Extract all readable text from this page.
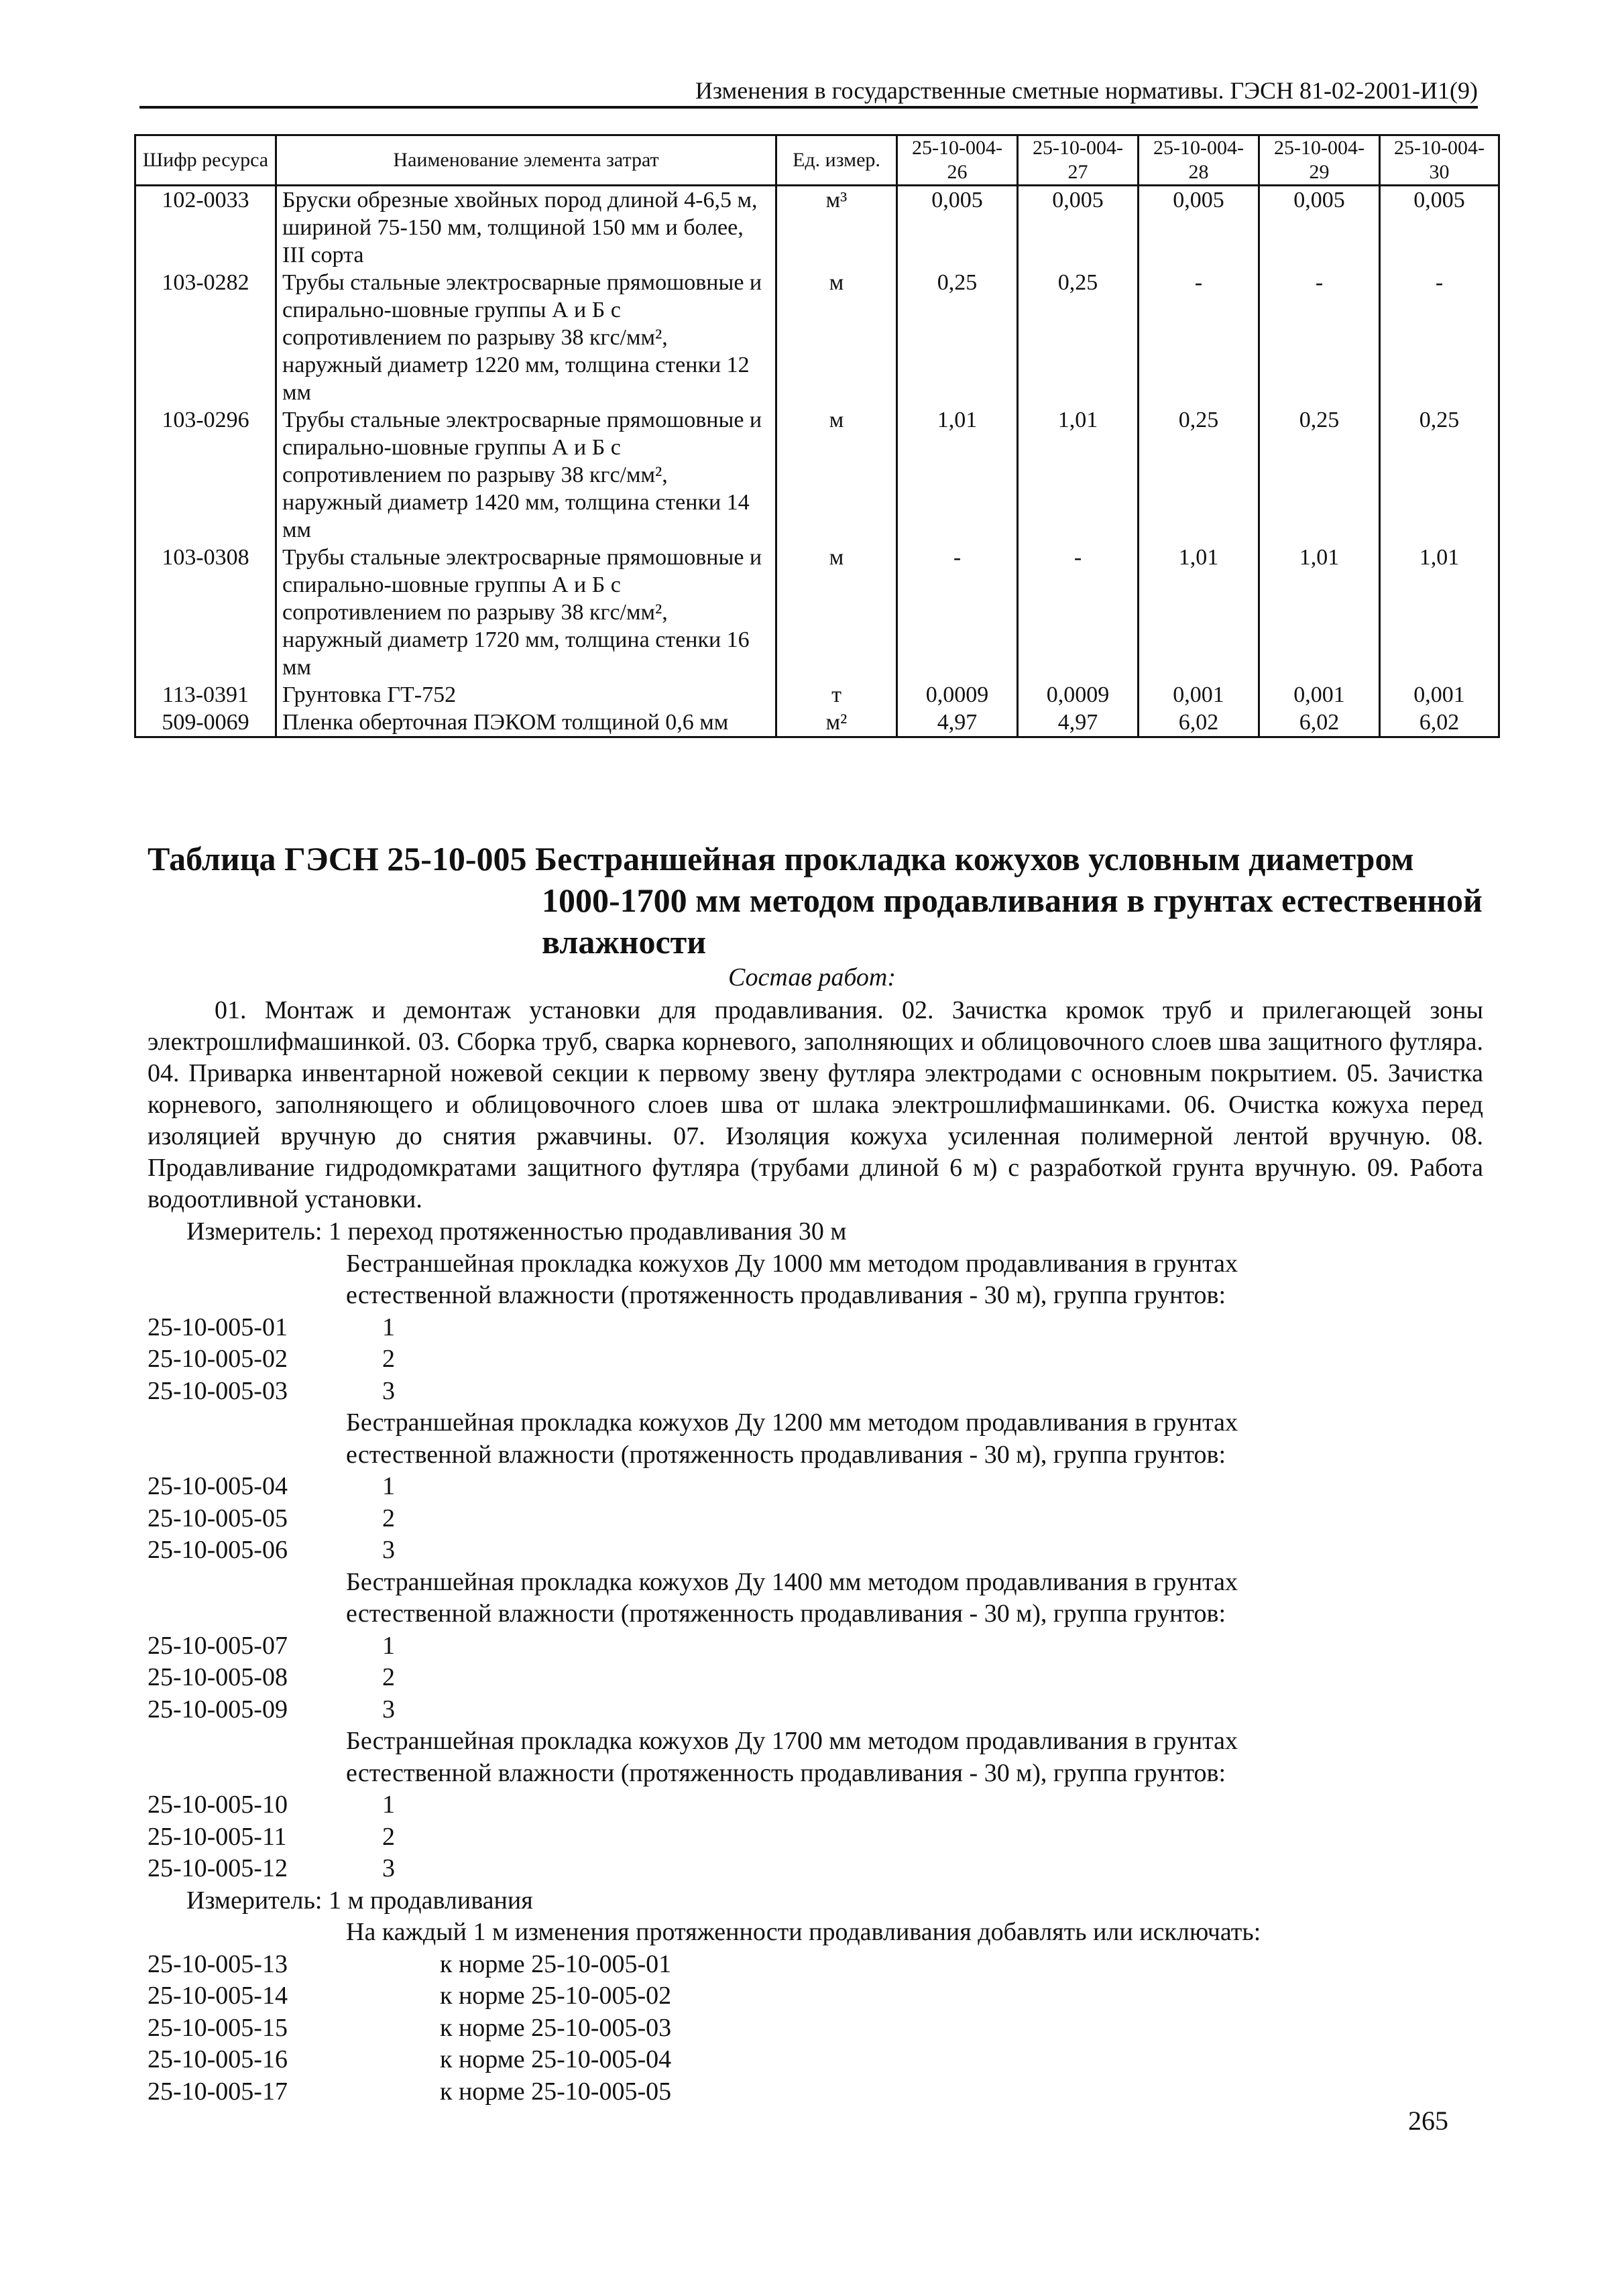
Изменения в государственные сметные нормативы. ГЭСН 81-02-2001-И1(9)
Шифр ресурса	Наименование элемента затрат	Ед. измер.	25-10-004-26	25-10-004-27	25-10-004-28	25-10-004-29	25-10-004-30
102-0033	Бруски обрезные хвойных пород длиной 4-6,5 м, шириной 75-150 мм, толщиной 150 мм и более, III сорта	м³	0,005	0,005	0,005	0,005	0,005
103-0282	Трубы стальные электросварные прямошовные и спирально-шовные группы А и Б с сопротивлением по разрыву 38 кгс/мм², наружный диаметр 1220 мм, толщина стенки 12 мм	м	0,25	0,25	-	-	-
103-0296	Трубы стальные электросварные прямошовные и спирально-шовные группы А и Б с сопротивлением по разрыву 38 кгс/мм², наружный диаметр 1420 мм, толщина стенки 14 мм	м	1,01	1,01	0,25	0,25	0,25
103-0308	Трубы стальные электросварные прямошовные и спирально-шовные группы А и Б с сопротивлением по разрыву 38 кгс/мм², наружный диаметр 1720 мм, толщина стенки 16 мм	м	-	-	1,01	1,01	1,01
113-0391	Грунтовка ГТ-752	т	0,0009	0,0009	0,001	0,001	0,001
509-0069	Пленка оберточная ПЭКОМ толщиной 0,6 мм	м²	4,97	4,97	6,02	6,02	6,02
Таблица ГЭСН 25-10-005 Бестраншейная прокладка кожухов условным диаметром
1000-1700 мм методом продавливания в грунтах естественной
влажности
Состав работ:
01. Монтаж и демонтаж установки для продавливания. 02. Зачистка кромок труб и прилегающей зоны электрошлифмашинкой. 03. Сборка труб, сварка корневого, заполняющих и облицовочного слоев шва защитного футляра. 04. Приварка инвентарной ножевой секции к первому звену футляра электродами с основным покрытием. 05. Зачистка корневого, заполняющего и облицовочного слоев шва от шлака электрошлифмашинками. 06. Очистка кожуха перед изоляцией вручную до снятия ржавчины. 07. Изоляция кожуха усиленная полимерной лентой вручную. 08. Продавливание гидродомкратами защитного футляра (трубами длиной 6 м) с разработкой грунта вручную. 09. Работа водоотливной установки.
Измеритель: 1 переход протяженностью продавливания 30 м
Бестраншейная прокладка кожухов Ду 1000 мм методом продавливания в грунтах
естественной влажности (протяженность продавливания - 30 м), группа грунтов:
25-10-005-01	1
25-10-005-02	2
25-10-005-03	3
Бестраншейная прокладка кожухов Ду 1200 мм методом продавливания в грунтах
естественной влажности (протяженность продавливания - 30 м), группа грунтов:
25-10-005-04	1
25-10-005-05	2
25-10-005-06	3
Бестраншейная прокладка кожухов Ду 1400 мм методом продавливания в грунтах
естественной влажности (протяженность продавливания - 30 м), группа грунтов:
25-10-005-07	1
25-10-005-08	2
25-10-005-09	3
Бестраншейная прокладка кожухов Ду 1700 мм методом продавливания в грунтах
естественной влажности (протяженность продавливания - 30 м), группа грунтов:
25-10-005-10	1
25-10-005-11	2
25-10-005-12	3
Измеритель: 1 м продавливания
На каждый 1 м изменения протяженности продавливания добавлять или исключать:
25-10-005-13	к норме 25-10-005-01
25-10-005-14	к норме 25-10-005-02
25-10-005-15	к норме 25-10-005-03
25-10-005-16	к норме 25-10-005-04
25-10-005-17	к норме 25-10-005-05
265
